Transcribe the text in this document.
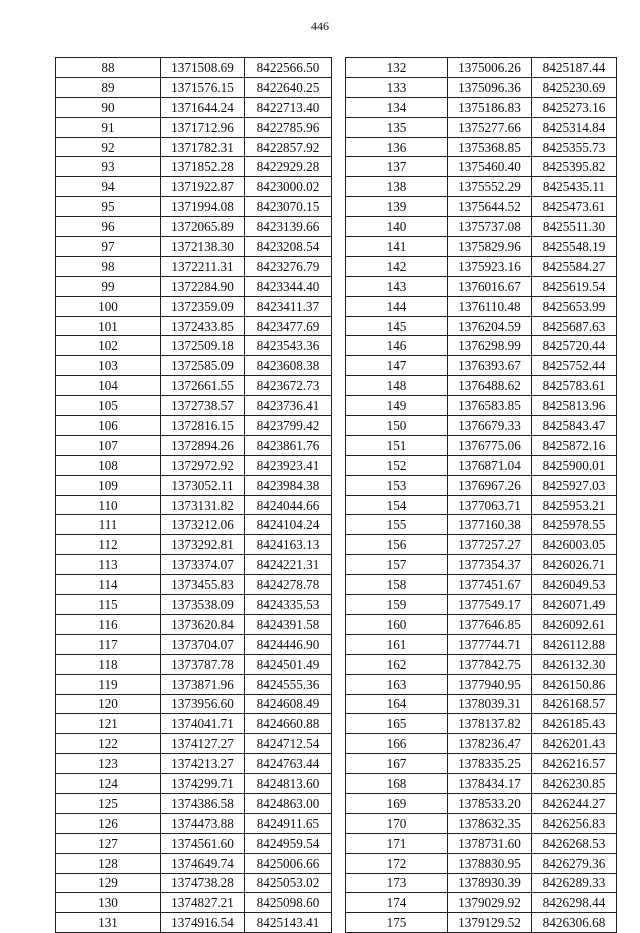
446
88	1371508.69	8422566.50
89	1371576.15	8422640.25
90	1371644.24	8422713.40
91	1371712.96	8422785.96
92	1371782.31	8422857.92
93	1371852.28	8422929.28
94	1371922.87	8423000.02
95	1371994.08	8423070.15
96	1372065.89	8423139.66
97	1372138.30	8423208.54
98	1372211.31	8423276.79
99	1372284.90	8423344.40
100	1372359.09	8423411.37
101	1372433.85	8423477.69
102	1372509.18	8423543.36
103	1372585.09	8423608.38
104	1372661.55	8423672.73
105	1372738.57	8423736.41
106	1372816.15	8423799.42
107	1372894.26	8423861.76
108	1372972.92	8423923.41
109	1373052.11	8423984.38
110	1373131.82	8424044.66
111	1373212.06	8424104.24
112	1373292.81	8424163.13
113	1373374.07	8424221.31
114	1373455.83	8424278.78
115	1373538.09	8424335.53
116	1373620.84	8424391.58
117	1373704.07	8424446.90
118	1373787.78	8424501.49
119	1373871.96	8424555.36
120	1373956.60	8424608.49
121	1374041.71	8424660.88
122	1374127.27	8424712.54
123	1374213.27	8424763.44
124	1374299.71	8424813.60
125	1374386.58	8424863.00
126	1374473.88	8424911.65
127	1374561.60	8424959.54
128	1374649.74	8425006.66
129	1374738.28	8425053.02
130	1374827.21	8425098.60
131	1374916.54	8425143.41
132	1375006.26	8425187.44
133	1375096.36	8425230.69
134	1375186.83	8425273.16
135	1375277.66	8425314.84
136	1375368.85	8425355.73
137	1375460.40	8425395.82
138	1375552.29	8425435.11
139	1375644.52	8425473.61
140	1375737.08	8425511.30
141	1375829.96	8425548.19
142	1375923.16	8425584.27
143	1376016.67	8425619.54
144	1376110.48	8425653.99
145	1376204.59	8425687.63
146	1376298.99	8425720.44
147	1376393.67	8425752.44
148	1376488.62	8425783.61
149	1376583.85	8425813.96
150	1376679.33	8425843.47
151	1376775.06	8425872.16
152	1376871.04	8425900.01
153	1376967.26	8425927.03
154	1377063.71	8425953.21
155	1377160.38	8425978.55
156	1377257.27	8426003.05
157	1377354.37	8426026.71
158	1377451.67	8426049.53
159	1377549.17	8426071.49
160	1377646.85	8426092.61
161	1377744.71	8426112.88
162	1377842.75	8426132.30
163	1377940.95	8426150.86
164	1378039.31	8426168.57
165	1378137.82	8426185.43
166	1378236.47	8426201.43
167	1378335.25	8426216.57
168	1378434.17	8426230.85
169	1378533.20	8426244.27
170	1378632.35	8426256.83
171	1378731.60	8426268.53
172	1378830.95	8426279.36
173	1378930.39	8426289.33
174	1379029.92	8426298.44
175	1379129.52	8426306.68
